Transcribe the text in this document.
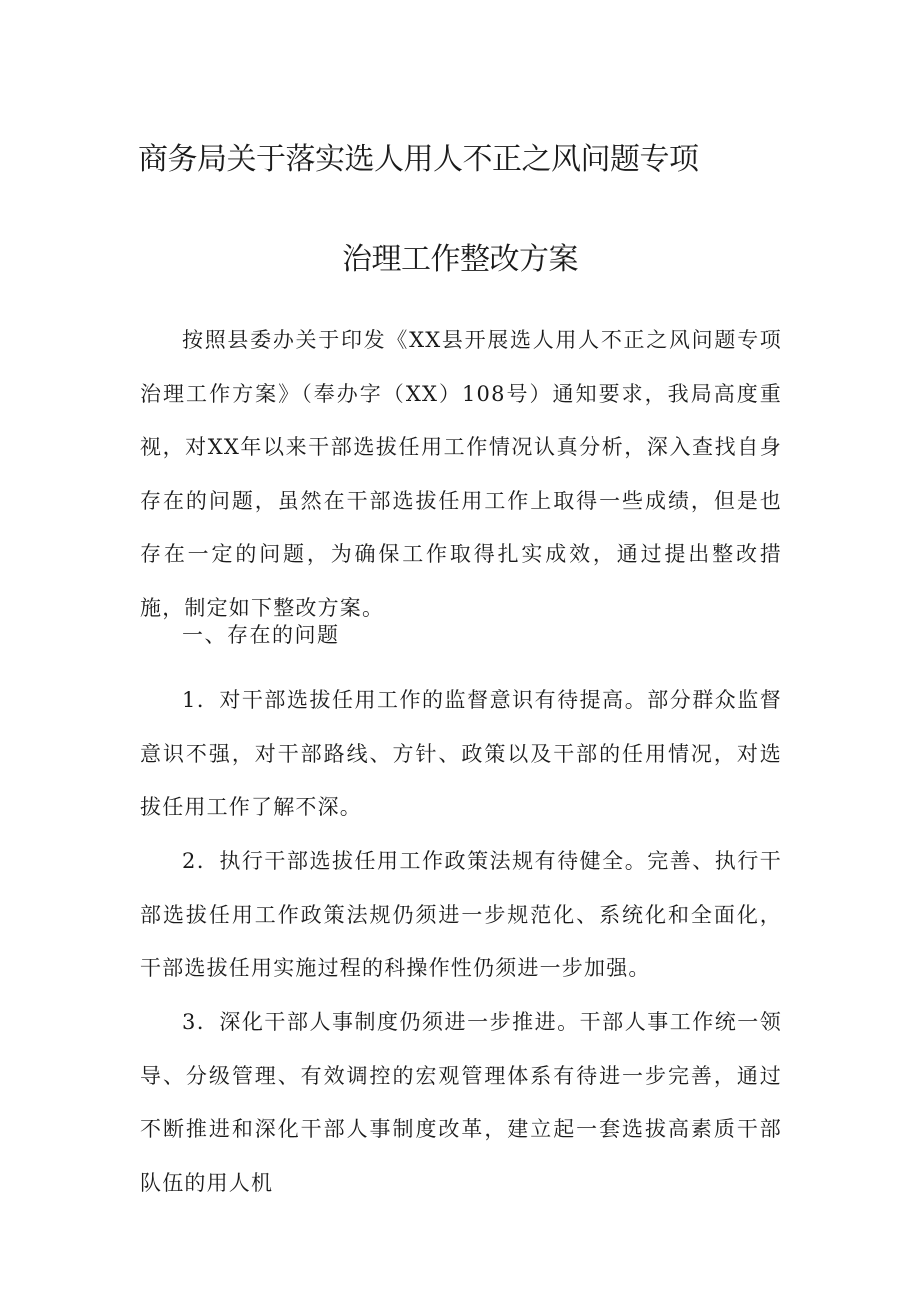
商务局关于落实选人用人不正之风问题专项
治理工作整改方案

按照县委办关于印发《XX县开展选人用人不正之风问题专项治理工作方案》（奉办字（XX）108号）通知要求，我局高度重视，对XX年以来干部选拔任用工作情况认真分析，深入查找自身存在的问题，虽然在干部选拔任用工作上取得一些成绩，但是也存在一定的问题，为确保工作取得扎实成效，通过提出整改措施，制定如下整改方案。

一、存在的问题

1．对干部选拔任用工作的监督意识有待提高。部分群众监督意识不强，对干部路线、方针、政策以及干部的任用情况，对选拔任用工作了解不深。

2．执行干部选拔任用工作政策法规有待健全。完善、执行干部选拔任用工作政策法规仍须进一步规范化、系统化和全面化，干部选拔任用实施过程的科操作性仍须进一步加强。

3．深化干部人事制度仍须进一步推进。干部人事工作统一领导、分级管理、有效调控的宏观管理体系有待进一步完善，通过不断推进和深化干部人事制度改革，建立起一套选拔高素质干部队伍的用人机
